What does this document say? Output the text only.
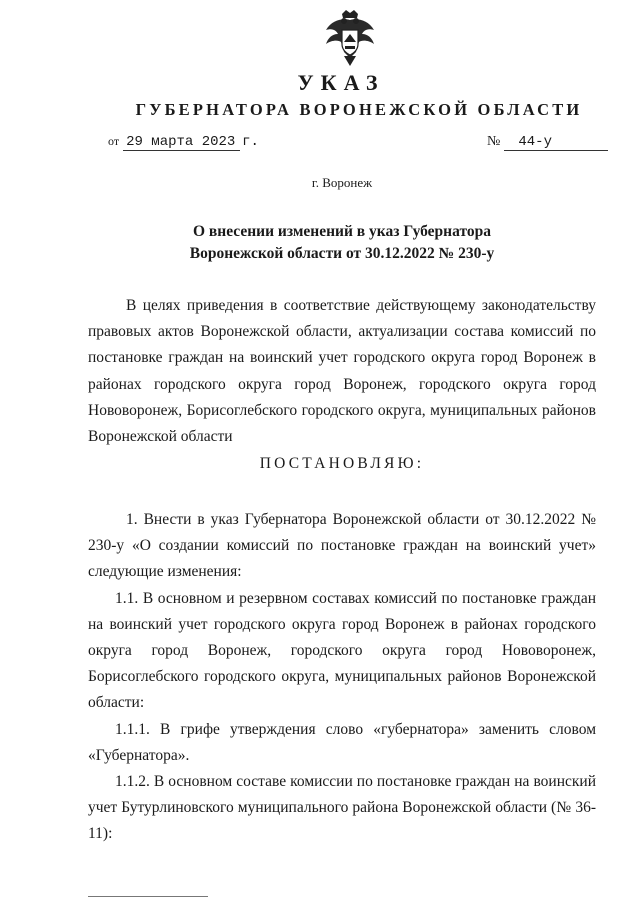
УКАЗ
ГУБЕРНАТОРА ВОРОНЕЖСКОЙ ОБЛАСТИ
от 29 марта 2023 г.	№ 44-у
г. Воронеж
О внесении изменений в указ Губернатора
Воронежской области от 30.12.2022 № 230-у

В целях приведения в соответствие действующему законодательству правовых актов Воронежской области, актуализации состава комиссий по постановке граждан на воинский учет городского округа город Воронеж в районах городского округа город Воронеж, городского округа город Нововоронеж, Борисоглебского городского округа, муниципальных районов Воронежской области

ПОСТАНОВЛЯЮ:

1. Внести в указ Губернатора Воронежской области от 30.12.2022 № 230-у «О создании комиссий по постановке граждан на воинский учет» следующие изменения:

1.1. В основном и резервном составах комиссий по постановке граждан на воинский учет городского округа город Воронеж в районах городского округа город Воронеж, городского округа город Нововоронеж, Борисоглебского городского округа, муниципальных районов Воронежской области:

1.1.1. В грифе утверждения слово «губернатора» заменить словом «Губернатора».

1.1.2. В основном составе комиссии по постановке граждан на воинский учет Бутурлиновского муниципального района Воронежской области (№ 36-11):
